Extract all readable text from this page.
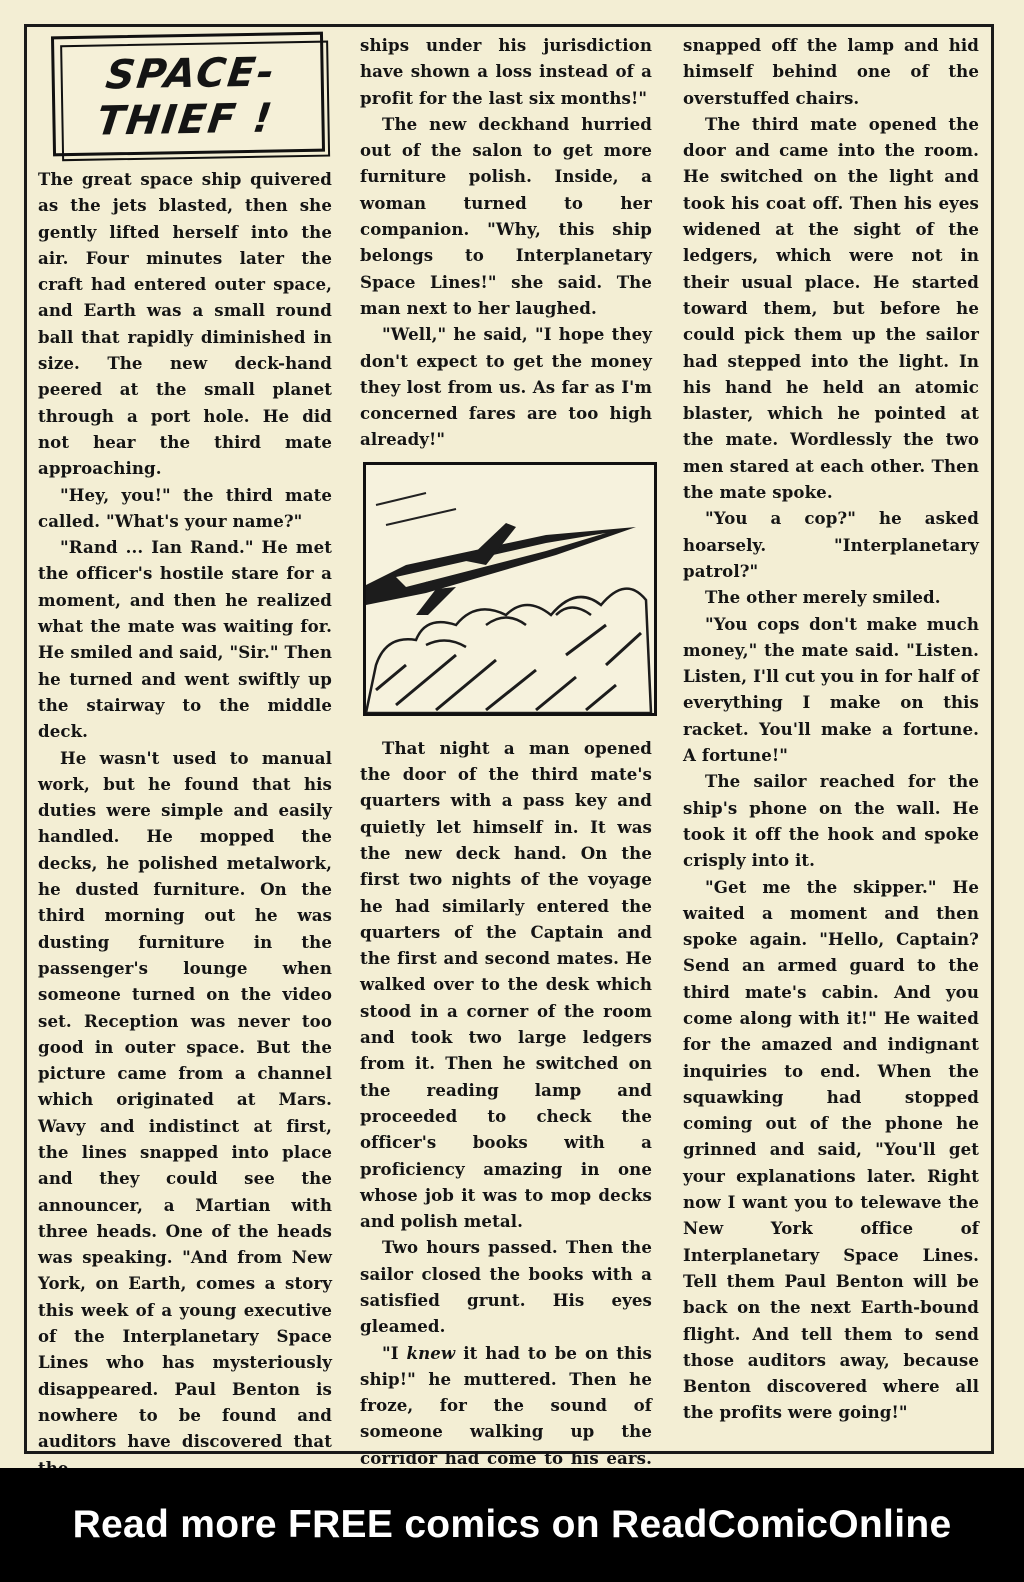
SPACE-
THIEF !

The great space ship quivered as the jets blasted, then she gently lifted herself into the air. Four minutes later the craft had entered outer space, and Earth was a small round ball that rapidly diminished in size. The new deck-hand peered at the small planet through a port hole. He did not hear the third mate approaching.

"Hey, you!" the third mate called. "What's your name?"

"Rand ... Ian Rand." He met the officer's hostile stare for a moment, and then he realized what the mate was waiting for. He smiled and said, "Sir." Then he turned and went swiftly up the stairway to the middle deck.

He wasn't used to manual work, but he found that his duties were simple and easily handled. He mopped the decks, he polished metalwork, he dusted furniture. On the third morning out he was dusting furniture in the passenger's lounge when someone turned on the video set. Reception was never too good in outer space. But the picture came from a channel which originated at Mars. Wavy and indistinct at first, the lines snapped into place and they could see the announcer, a Martian with three heads. One of the heads was speaking. "And from New York, on Earth, comes a story this week of a young executive of the Interplanetary Space Lines who has mysteriously disappeared. Paul Benton is nowhere to be found and auditors have discovered that

ships under his jurisdiction have shown a loss instead of a profit for the last six months!"

The new deckhand hurried out of the salon to get more furniture polish. Inside, a woman turned to her companion. "Why, this ship belongs to Interplanetary Space Lines!" she said. The man next to her laughed.

"Well," he said, "I hope they don't expect to get the money they lost from us. As far as I'm concerned fares are too high already!"

That night a man opened the door of the third mate's quarters with a pass key and quietly let himself in. It was the new deck hand. On the first two nights of the voyage he had similarly entered the quarters of the Captain and the first and second mates. He walked over to the desk which stood in a corner of the room and took two large ledgers from it. Then he switched on the reading lamp and proceeded to check the officer's books with a proficiency amazing in one whose job it was to mop decks and polish metal.

Two hours passed. Then the sailor closed the books with a satisfied grunt. His eyes gleamed.

"I knew it had to be on this ship!" he muttered. Then he froze, for the sound of someone walking up the corridor had come to his ears.

snapped off the lamp and hid himself behind one of the overstuffed chairs.

The third mate opened the door and came into the room. He switched on the light and took his coat off. Then his eyes widened at the sight of the ledgers, which were not in their usual place. He started toward them, but before he could pick them up the sailor had stepped into the light. In his hand he held an atomic blaster, which he pointed at the mate. Wordlessly the two men stared at each other. Then the mate spoke.

"You a cop?" he asked hoarsely. "Interplanetary patrol?"

The other merely smiled.

"You cops don't make much money," the mate said. "Listen. Listen, I'll cut you in for half of everything I make on this racket. You'll make a fortune. A fortune!"

The sailor reached for the ship's phone on the wall. He took it off the hook and spoke crisply into it.

"Get me the skipper." He waited a moment and then spoke again. "Hello, Captain? Send an armed guard to the third mate's cabin. And you come along with it!" He waited for the amazed and indignant inquiries to end. When the squawking had stopped coming out of the phone he grinned and said, "You'll get your explanations later. Right now I want you to telewave the New York office of Interplanetary Space Lines. Tell them Paul Benton will be back on the next Earth-bound flight. And tell them to send those auditors away, because Benton discovered where all the profits were going!"

Read more FREE comics on ReadComicOnline
